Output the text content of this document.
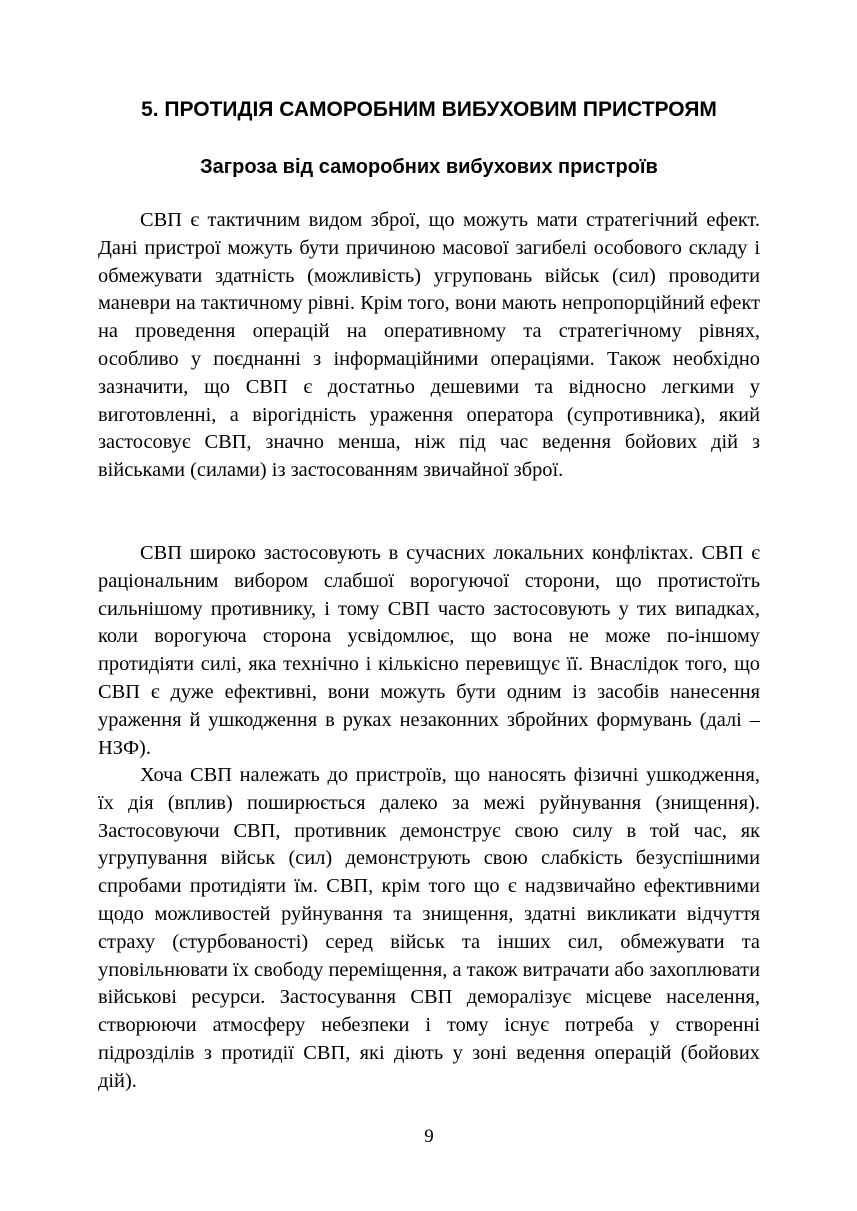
5. ПРОТИДІЯ САМОРОБНИМ ВИБУХОВИМ ПРИСТРОЯМ
Загроза від саморобних вибухових пристроїв

СВП є тактичним видом зброї, що можуть мати стратегічний ефект. Дані пристрої можуть бути причиною масової загибелі особового складу і обмежувати здатність (можливість) угруповань військ (сил) проводити маневри на тактичному рівні. Крім того, вони мають непропорційний ефект на проведення операцій на оперативному та стратегічному рівнях, особливо у поєднанні з інформаційними операціями. Також необхідно зазначити, що СВП є достатньо дешевими та відносно легкими у виготовленні, а вірогідність ураження оператора (супротивника), який застосовує СВП, значно менша, ніж під час ведення бойових дій з військами (силами) із застосованням звичайної зброї.

СВП широко застосовують в сучасних локальних конфліктах. СВП є раціональним вибором слабшої ворогуючої сторони, що протистоїть сильнішому противнику, і тому СВП часто застосовують у тих випадках, коли ворогуюча сторона усвідомлює, що вона не може по-іншому протидіяти силі, яка технічно і кількісно перевищує її. Внаслідок того, що СВП є дуже ефективні, вони можуть бути одним із засобів нанесення ураження й ушкодження в руках незаконних збройних формувань (далі – НЗФ).

Хоча СВП належать до пристроїв, що наносять фізичні ушкодження, їх дія (вплив) поширюється далеко за межі руйнування (знищення). Застосовуючи СВП, противник демонструє свою силу в той час, як угрупування військ (сил) демонструють свою слабкість безуспішними спробами протидіяти їм. СВП, крім того що є надзвичайно ефективними щодо можливостей руйнування та знищення, здатні викликати відчуття страху (стурбованості) серед військ та інших сил, обмежувати та уповільнювати їх свободу переміщення, а також витрачати або захоплювати військові ресурси. Застосування СВП деморалізує місцеве населення, створюючи атмосферу небезпеки і тому існує потреба у створенні підрозділів з протидії СВП, які діють у зоні ведення операцій (бойових дій).

9
